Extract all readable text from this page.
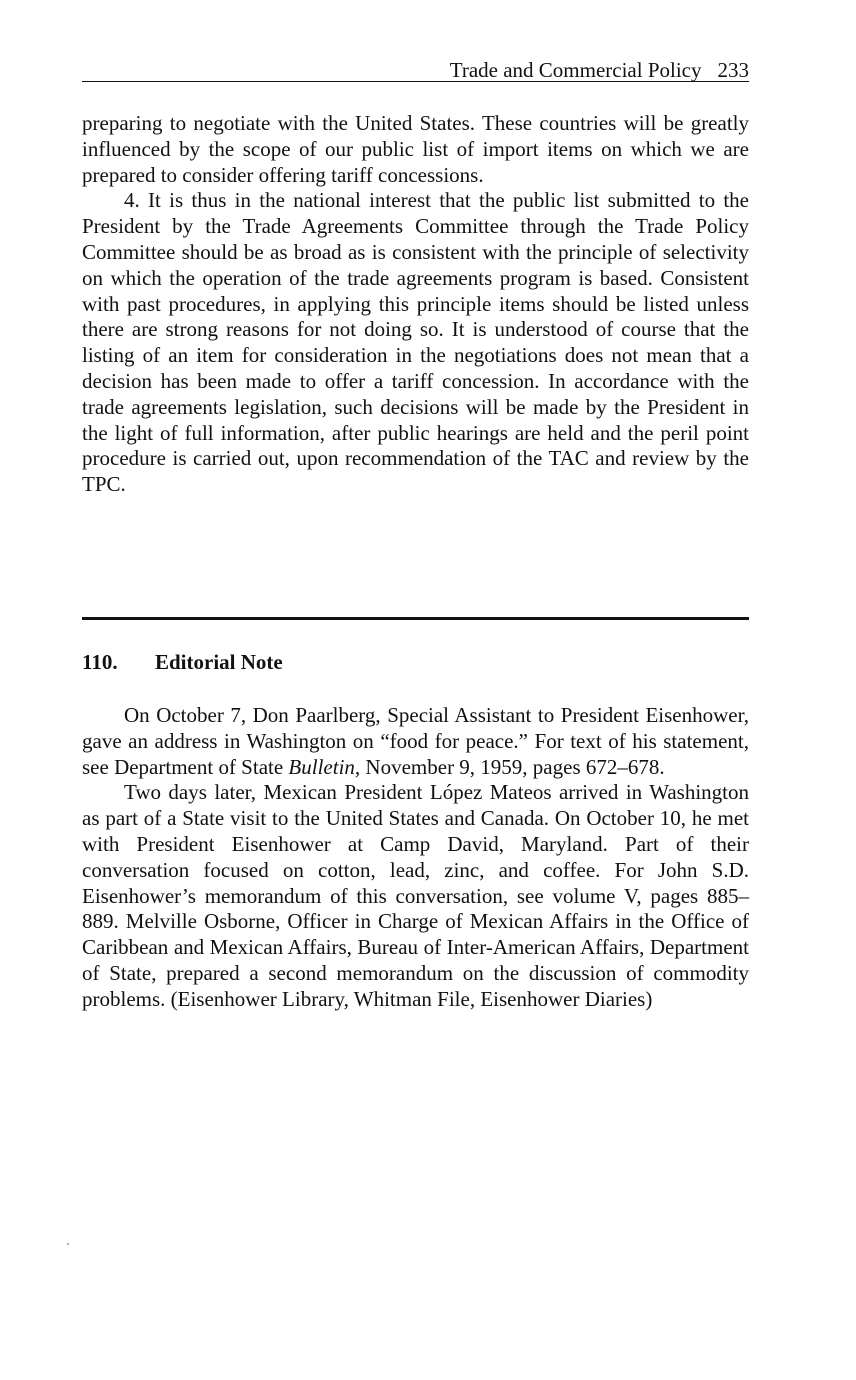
Trade and Commercial Policy 233

preparing to negotiate with the United States. These countries will be greatly influenced by the scope of our public list of import items on which we are prepared to consider offering tariff concessions.

4. It is thus in the national interest that the public list submitted to the President by the Trade Agreements Committee through the Trade Policy Committee should be as broad as is consistent with the principle of selectivity on which the operation of the trade agreements program is based. Consistent with past procedures, in applying this principle items should be listed unless there are strong reasons for not doing so. It is understood of course that the listing of an item for consideration in the negotiations does not mean that a decision has been made to offer a tariff concession. In accordance with the trade agreements legislation, such decisions will be made by the President in the light of full information, after public hearings are held and the peril point procedure is carried out, upon recommendation of the TAC and review by the TPC.

110. Editorial Note

On October 7, Don Paarlberg, Special Assistant to President Eisenhower, gave an address in Washington on “food for peace.” For text of his statement, see Department of State Bulletin, November 9, 1959, pages 672–678.

Two days later, Mexican President López Mateos arrived in Washington as part of a State visit to the United States and Canada. On October 10, he met with President Eisenhower at Camp David, Maryland. Part of their conversation focused on cotton, lead, zinc, and coffee. For John S.D. Eisenhower’s memorandum of this conversation, see volume V, pages 885–889. Melville Osborne, Officer in Charge of Mexican Affairs in the Office of Caribbean and Mexican Affairs, Bureau of Inter-American Affairs, Department of State, prepared a second memorandum on the discussion of commodity problems. (Eisenhower Library, Whitman File, Eisenhower Diaries)
